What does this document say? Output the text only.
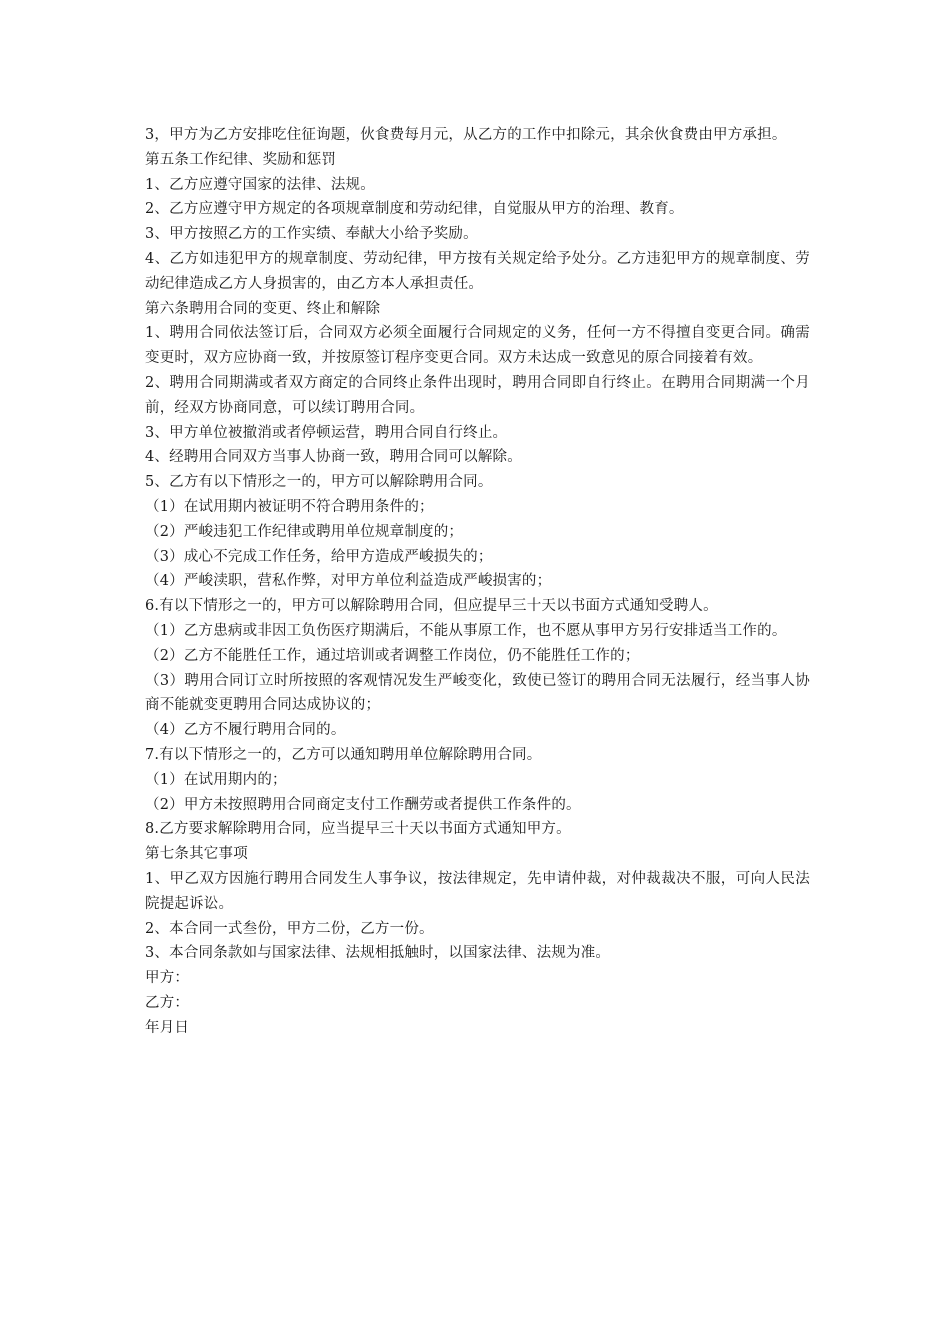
3，甲方为乙方安排吃住征询题，伙食费每月元，从乙方的工作中扣除元，其余伙食费由甲方承担。

第五条工作纪律、奖励和惩罚

1、乙方应遵守国家的法律、法规。

2、乙方应遵守甲方规定的各项规章制度和劳动纪律，自觉服从甲方的治理、教育。

3、甲方按照乙方的工作实绩、奉献大小给予奖励。

4、乙方如违犯甲方的规章制度、劳动纪律，甲方按有关规定给予处分。乙方违犯甲方的规章制度、劳动纪律造成乙方人身损害的，由乙方本人承担责任。

第六条聘用合同的变更、终止和解除

1、聘用合同依法签订后，合同双方必须全面履行合同规定的义务，任何一方不得擅自变更合同。确需变更时，双方应协商一致，并按原签订程序变更合同。双方未达成一致意见的原合同接着有效。

2、聘用合同期满或者双方商定的合同终止条件出现时，聘用合同即自行终止。在聘用合同期满一个月前，经双方协商同意，可以续订聘用合同。

3、甲方单位被撤消或者停顿运营，聘用合同自行终止。

4、经聘用合同双方当事人协商一致，聘用合同可以解除。

5、乙方有以下情形之一的，甲方可以解除聘用合同。

（1）在试用期内被证明不符合聘用条件的；

（2）严峻违犯工作纪律或聘用单位规章制度的；

（3）成心不完成工作任务，给甲方造成严峻损失的；

（4）严峻渎职，营私作弊，对甲方单位利益造成严峻损害的；

6.有以下情形之一的，甲方可以解除聘用合同，但应提早三十天以书面方式通知受聘人。

（1）乙方患病或非因工负伤医疗期满后，不能从事原工作，也不愿从事甲方另行安排适当工作的。

（2）乙方不能胜任工作，通过培训或者调整工作岗位，仍不能胜任工作的；

（3）聘用合同订立时所按照的客观情况发生严峻变化，致使已签订的聘用合同无法履行，经当事人协商不能就变更聘用合同达成协议的；

（4）乙方不履行聘用合同的。

7.有以下情形之一的，乙方可以通知聘用单位解除聘用合同。

（1）在试用期内的；

（2）甲方未按照聘用合同商定支付工作酬劳或者提供工作条件的。

8.乙方要求解除聘用合同，应当提早三十天以书面方式通知甲方。

第七条其它事项

1、甲乙双方因施行聘用合同发生人事争议，按法律规定，先申请仲裁，对仲裁裁决不服，可向人民法院提起诉讼。

2、本合同一式叁份，甲方二份，乙方一份。

3、本合同条款如与国家法律、法规相抵触时，以国家法律、法规为准。

甲方：

乙方：

年月日
